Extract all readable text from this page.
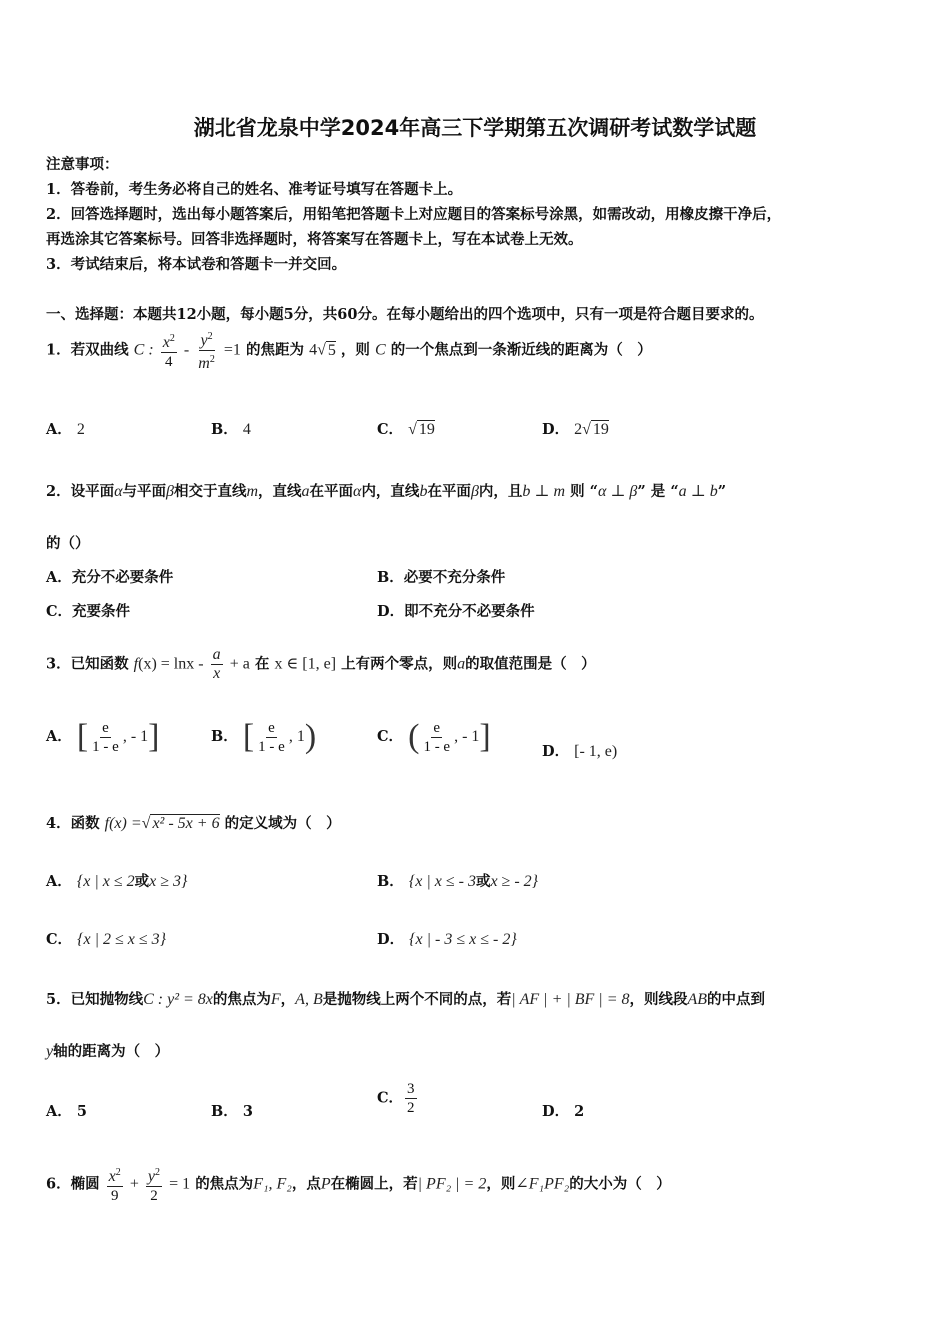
湖北省龙泉中学2024年高三下学期第五次调研考试数学试题
注意事项：
1．答卷前，考生务必将自己的姓名、准考证号填写在答题卡上。
2．回答选择题时，选出每小题答案后，用铅笔把答题卡上对应题目的答案标号涂黑，如需改动，用橡皮擦干净后，
再选涂其它答案标号。回答非选择题时，将答案写在答题卡上，写在本试卷上无效。
3．考试结束后，将本试卷和答题卡一并交回。
一、选择题：本题共12小题，每小题5分，共60分。在每小题给出的四个选项中，只有一项是符合题目要求的。
1．若双曲线 C : $\frac{x^2}{4} - \frac{y^2}{m^2} =1$ 的焦距为 4√ 5 ，则 C 的一个焦点到一条渐近线的距离为（　）
A． 2	B． 4	C． √ 19	D． 2√ 19
2．设平面α与平面β相交于直线m，直线a在平面α内，直线b在平面β内，且b ⊥ m 则 “α ⊥ β” 是 “a ⊥ b”
的（）
A．充分不必要条件	B．必要不充分条件
C．充要条件	D．即不充分不必要条件
3．已知函数 $f(x) = \ln x - \frac{a}{x} + a$ 在 x ∈ [1, e] 上有两个零点，则a的取值范围是（　）
A． [ $\frac{e}{1 - e}$ , - 1]	B． [ $\frac{e}{1 - e}$ , 1)	C． ( $\frac{e}{1 - e}$ , - 1]	D． [- 1, e)
4．函数 f(x) =√ x² - 5x + 6 的定义域为（　）
A． {x | x ≤ 2或x ≥ 3}	B． {x | x ≤ - 3或x ≥ - 2}
C． {x | 2 ≤ x ≤ 3}	D． {x | - 3 ≤ x ≤ - 2}
5．已知抛物线C : y² = 8x的焦点为F，A, B是抛物线上两个不同的点，若| AF | + | BF | = 8，则线段AB的中点到
y轴的距离为（　）
A． 5	B． 3
C． $\frac{3}{2}$	D． 2
6．椭圆 $\frac{x^2}{9} + \frac{y^2}{2} = 1$ 的焦点为F₁, F₂，点P在椭圆上，若| PF₂ | = 2，则∠F₁PF₂的大小为（　）
